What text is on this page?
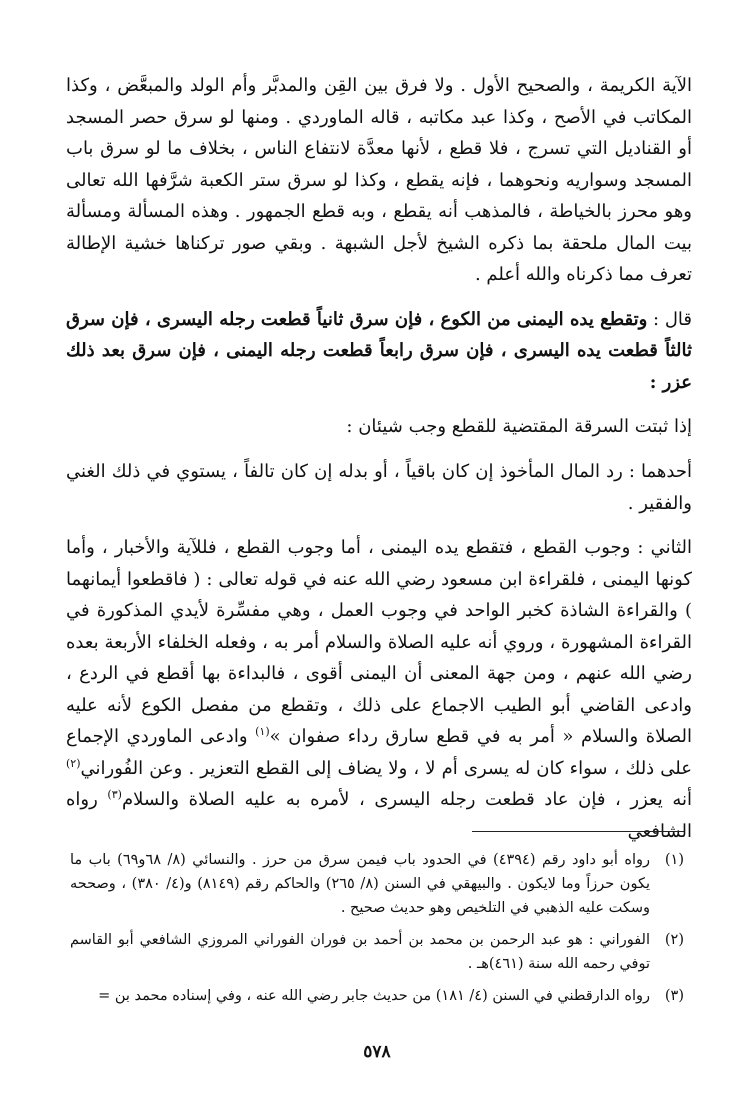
الآية الكريمة ، والصحيح الأول . ولا فرق بين القِن والمدبَّر وأم الولد والمبعَّض ، وكذا المكاتب في الأصح ، وكذا عبد مكاتبه ، قاله الماوردي . ومنها لو سرق حصر المسجد أو القناديل التي تسرج ، فلا قطع ، لأنها معدَّة لانتفاع الناس ، بخلاف ما لو سرق باب المسجد وسواريه ونحوهما ، فإنه يقطع ، وكذا لو سرق ستر الكعبة شرَّفها الله تعالى وهو محرز بالخياطة ، فالمذهب أنه يقطع ، وبه قطع الجمهور . وهذه المسألة ومسألة بيت المال ملحقة بما ذكره الشيخ لأجل الشبهة . وبقي صور تركناها خشية الإطالة تعرف مما ذكرناه والله أعلم .

قال : وتقطع يده اليمنى من الكوع ، فإن سرق ثانياً قطعت رجله اليسرى ، فإن سرق ثالثاً قطعت يده اليسرى ، فإن سرق رابعاً قطعت رجله اليمنى ، فإن سرق بعد ذلك عزر :

إذا ثبتت السرقة المقتضية للقطع وجب شيئان :

أحدهما : رد المال المأخوذ إن كان باقياً ، أو بدله إن كان تالفاً ، يستوي في ذلك الغني والفقير .

الثاني : وجوب القطع ، فتقطع يده اليمنى ، أما وجوب القطع ، فللآية والأخبار ، وأما كونها اليمنى ، فلقراءة ابن مسعود رضي الله عنه في قوله تعالى : ( فاقطعوا أيمانهما ) والقراءة الشاذة كخبر الواحد في وجوب العمل ، وهي مفسِّرة لأيدي المذكورة في القراءة المشهورة ، وروي أنه عليه الصلاة والسلام أمر به ، وفعله الخلفاء الأربعة بعده رضي الله عنهم ، ومن جهة المعنى أن اليمنى أقوى ، فالبداءة بها أقطع في الردع ، وادعى القاضي أبو الطيب الاجماع على ذلك ، وتقطع من مفصل الكوع لأنه عليه الصلاة والسلام « أمر به في قطع سارق رداء صفوان »$^{(١)}$ وادعى الماوردي الإجماع على ذلك ، سواء كان له يسرى أم لا ، ولا يضاف إلى القطع التعزير . وعن الفُوراني$^{(٢)}$ أنه يعزر ، فإن عاد قطعت رجله اليسرى ، لأمره به عليه الصلاة والسلام$^{(٣)}$ رواه الشافعي

(١)
رواه أبو داود رقم (٤٣٩٤) في الحدود باب فيمن سرق من حرز . والنسائي (٨/ ٦٨و٦٩) باب ما يكون حرزاً وما لايكون . والبيهقي في السنن (٨/ ٢٦٥) والحاكم رقم (٨١٤٩) و(٤/ ٣٨٠) ، وصححه وسكت عليه الذهبي في التلخيص وهو حديث صحيح .
(٢)
الفوراني : هو عبد الرحمن بن محمد بن أحمد بن فوران الفوراني المروزي الشافعي أبو القاسم توفي رحمه الله سنة (٤٦١)هـ .
(٣)
رواه الدارقطني في السنن (٤/ ١٨١) من حديث جابر رضي الله عنه ، وفي إسناده محمد بن =
٥٧٨
